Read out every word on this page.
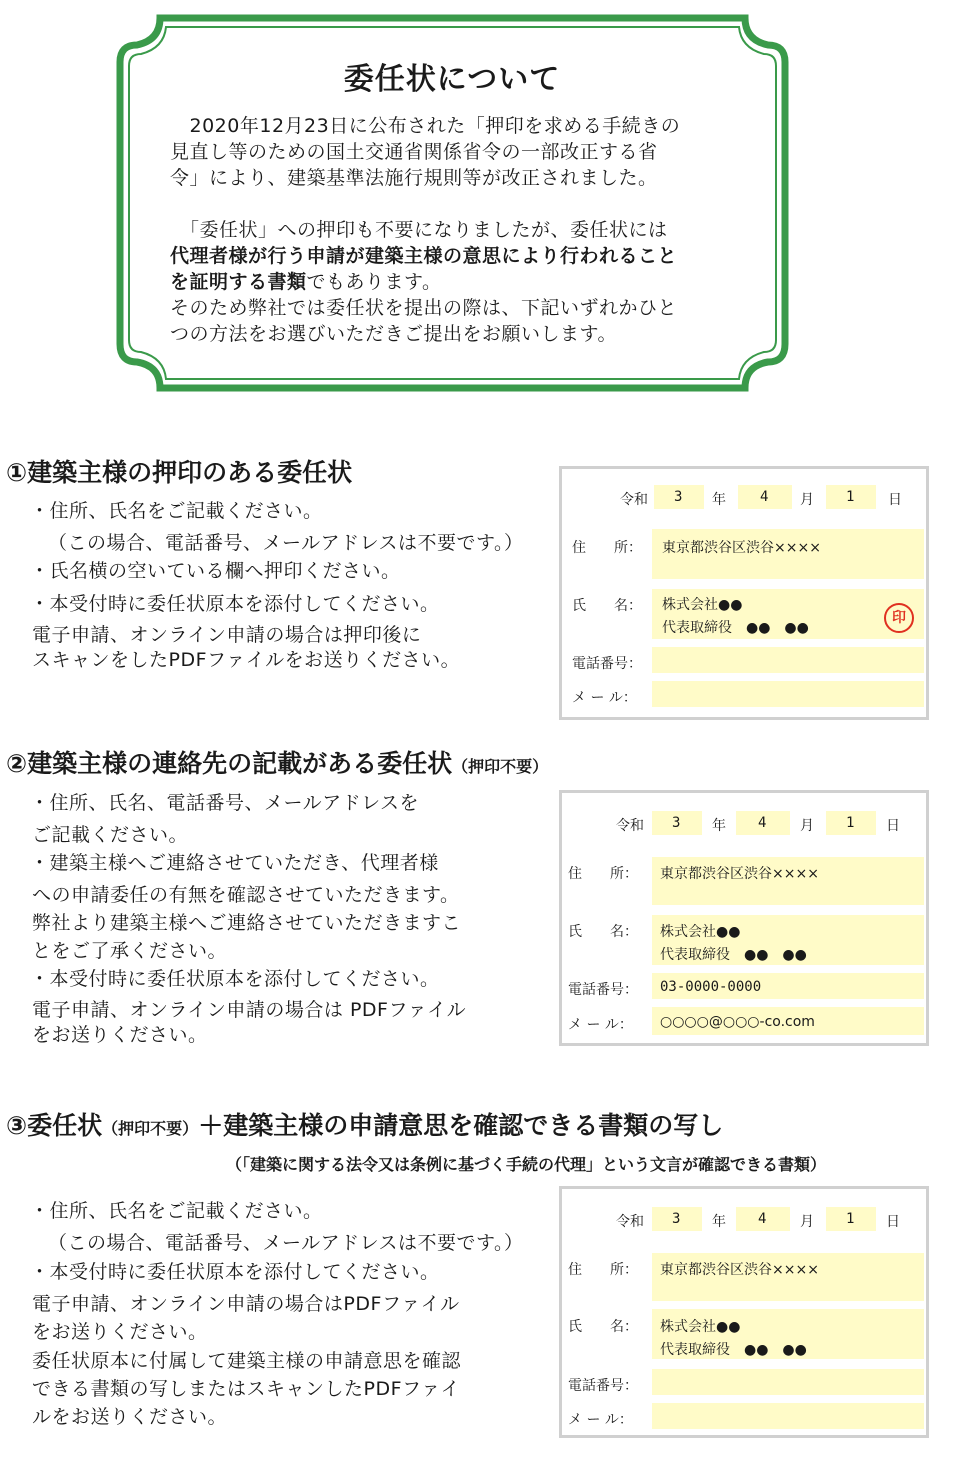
委任状について
　2020年12月23日に公布された「押印を求める手続きの
見直し等のための国土交通省関係省令の一部改正する省
令」により、建築基準法施行規則等が改正されました。
　「委任状」への押印も不要になりましたが、委任状には
代理者様が行う申請が建築主様の意思により行われること
を証明する書類でもあります。
そのため弊社では委任状を提出の際は、下記いずれかひと
つの方法をお選びいただきご提出をお願いします。
①建築主様の押印のある委任状
・住所、氏名をご記載ください。
（この場合、電話番号、メールアドレスは不要です。）
・氏名横の空いている欄へ押印ください。
・本受付時に委任状原本を添付してください。
電子申請、オンライン申請の場合は押印後に
スキャンをしたPDFファイルをお送りください。
令和 3 年 4 月 1 日
住　　所： 東京都渋谷区渋谷××××
氏　　名： 株式会社●●
代表取締役　●●　●●
印
電話番号：
メ ー ル：
②建築主様の連絡先の記載がある委任状（押印不要）
・住所、氏名、電話番号、メールアドレスを
ご記載ください。
・建築主様へご連絡させていただき、代理者様
への申請委任の有無を確認させていただきます。
弊社より建築主様へご連絡させていただきますこ
とをご了承ください。
・本受付時に委任状原本を添付してください。
電子申請、オンライン申請の場合は PDFファイル
をお送りください。
令和 3 年 4 月 1 日
住　　所： 東京都渋谷区渋谷××××
氏　　名： 株式会社●●
代表取締役　●●　●●
電話番号： 03-0000-0000
メ ー ル： ○○○○@○○○-co.com
③委任状（押印不要）＋建築主様の申請意思を確認できる書類の写し
（「建築に関する法令又は条例に基づく手続の代理」という文言が確認できる書類）
・住所、氏名をご記載ください。
（この場合、電話番号、メールアドレスは不要です。）
・本受付時に委任状原本を添付してください。
電子申請、オンライン申請の場合はPDFファイル
をお送りください。
委任状原本に付属して建築主様の申請意思を確認
できる書類の写しまたはスキャンしたPDFファイ
ルをお送りください。
令和 3 年 4 月 1 日
住　　所： 東京都渋谷区渋谷××××
氏　　名： 株式会社●●
代表取締役　●●　●●
電話番号：
メ ー ル：
